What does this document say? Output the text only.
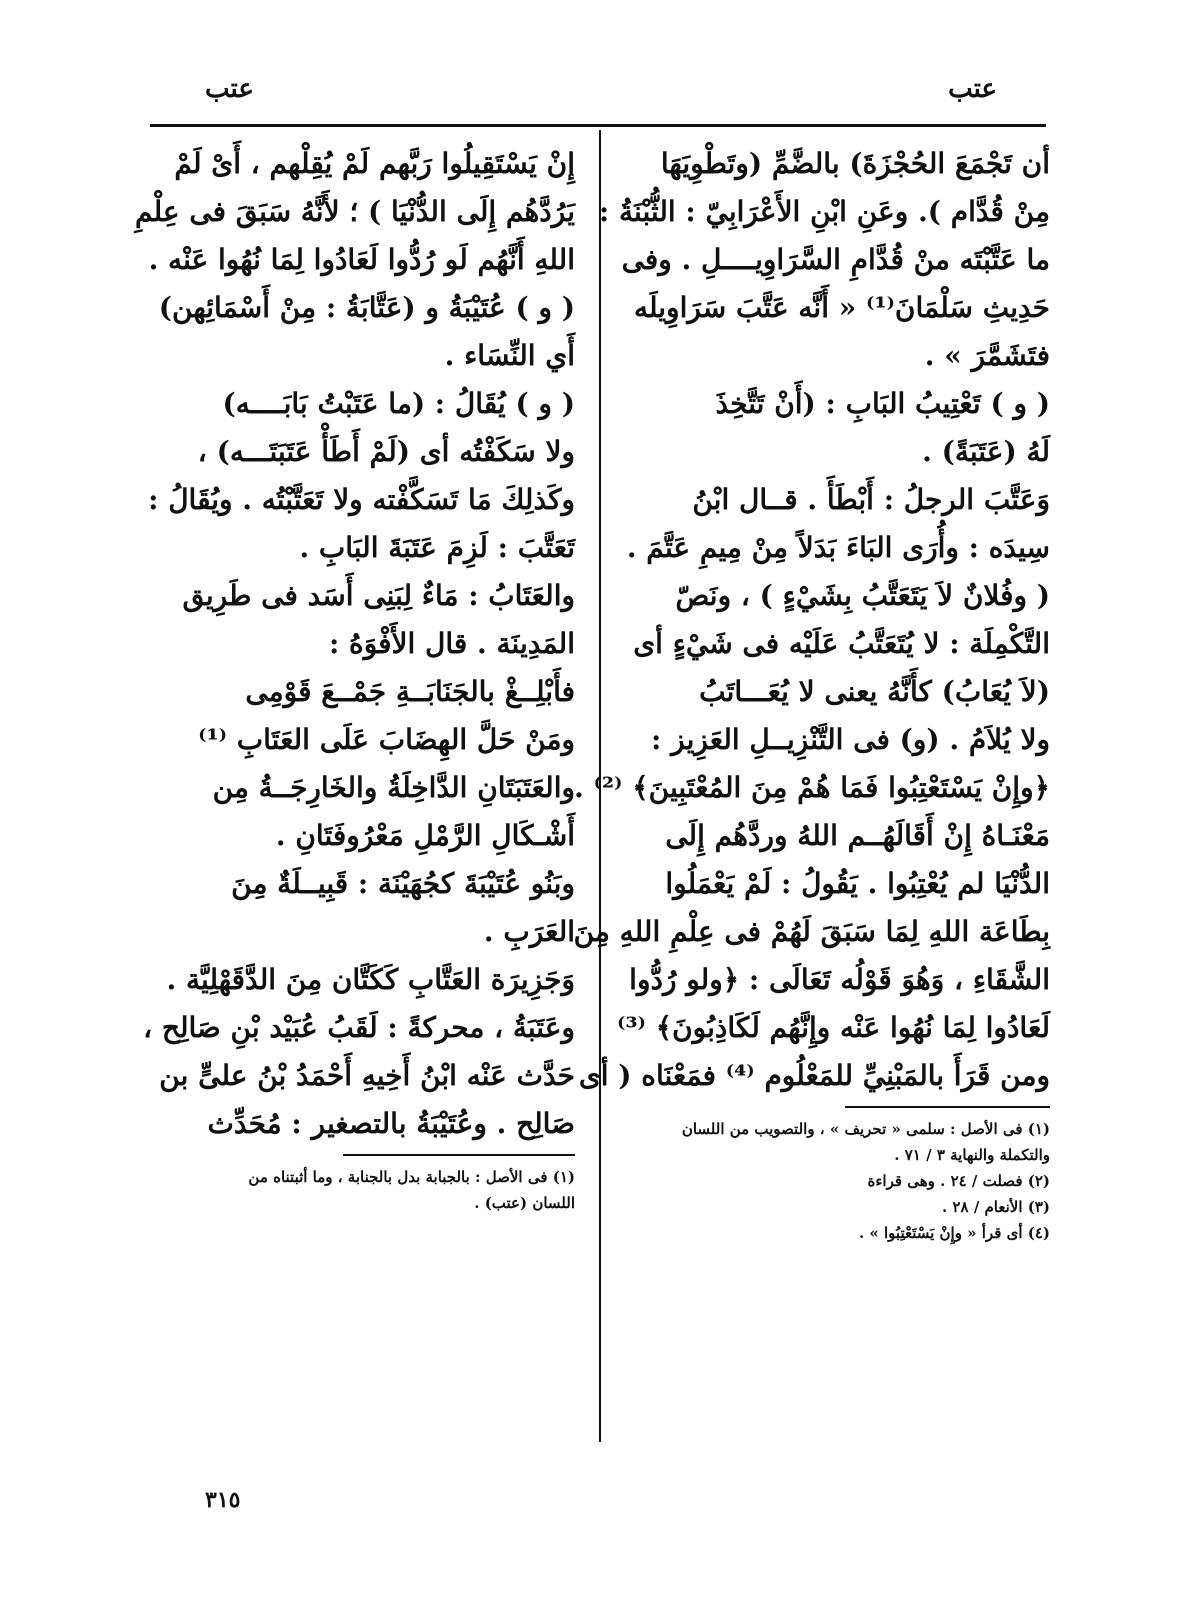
عتب
عتب
أن تَجْمَعَ الحُجْزَةَ) بالضَّمِّ (وتَطْوِيَهَا
مِنْ قُدَّام ). وعَنِ ابْنِ الأَعْرَابِيّ : الثُّبْنَةُ :
ما عَتَّبْتَه منْ قُدَّامِ السَّرَاوِيــــلِ . وفى
حَدِيثِ سَلْمَانَ⁽¹⁾ « أَنَّه عَتَّبَ سَرَاوِيلَه
فتَشَمَّرَ » .
( و ) تَعْتِيبُ البَابِ : (أَنْ تَتَّخِذَ
لَهُ (عَتَبَةً) .
وَعَتَّبَ الرجلُ : أَبْطَأَ . قــال ابْنُ
سِيدَه : وأُرَى البَاءَ بَدَلاً مِنْ مِيمِ عَتَّمَ .
( وفُلانٌ لاَ يَتَعَتَّبُ بِشَيْءٍ ) ، ونَصّ
التَّكْمِلَة : لا يُتَعَتَّبُ عَلَيْه فى شَيْءٍ أى
(لاَ يُعَابُ) كأَنَّهُ يعنى لا يُعَـــاتَبُ
ولا يُلاَمُ . (و) فى التَّنْزِيــلِ العَزِيز :
﴿وإِنْ يَسْتَعْتِبُوا فَمَا هُمْ مِنَ المُعْتَبِينَ﴾ ⁽²⁾ .
مَعْنَـاهُ إِنْ أَقَالَهُــم اللهُ وردَّهُم إِلَى
الدُّنْيَا لم يُعْتِبُوا . يَقُولُ : لَمْ يَعْمَلُوا
بِطَاعَة اللهِ لِمَا سَبَقَ لَهُمْ فى عِلْمِ اللهِ مِنَ
الشَّقَاءِ ، وَهُوَ قَوْلُه تَعَالَى : ﴿ولو رُدُّوا
لَعَادُوا لِمَا نُهُوا عَنْه وإِنَّهُم لَكَاذِبُونَ﴾ ⁽³⁾
ومن قَرَأَ بالمَبْنِيِّ للمَعْلُوم ⁽⁴⁾ فمَعْنَاه ( أى
(١) فى الأصل : سلمى « تحريف » ، والتصويب من اللسان
والتكملة والنهاية ٣ / ٧١ .
(٢) فصلت / ٢٤ . وهى قراءة
(٣) الأنعام / ٢٨ .
(٤) أى قرأ « وإِنْ يَسْتَعْتِبُوا » .
إِنْ يَسْتَقِيلُوا رَبَّهم لَمْ يُقِلْهم ، أَىْ لَمْ
يَرُدَّهُم إِلَى الدُّنْيَا ) ؛ لأَنَّهُ سَبَقَ فى عِلْمِ
اللهِ أَنَّهُم لَو رُدُّوا لَعَادُوا لِمَا نُهُوا عَنْه .
( و ) عُتَيْبَةُ و (عَتَّابَةُ : مِنْ أَسْمَائِهن)
أَي النِّسَاء .
( و ) يُقَالُ : (ما عَتَبْتُ بَابَــــه)
ولا سَكَفْتُه أى (لَمْ أَطَأْ عَتَبَتَـــه) ،
وكَذلِكَ مَا تَسَكَّفْته ولا تَعَتَّبْتُه . ويُقَالُ :
تَعَتَّبَ : لَزِمَ عَتَبَةَ البَابِ .
والعَتَابُ : مَاءٌ لِبَنِى أَسَد فى طَرِيق
المَدِينَة . قال الأَفْوَهُ :
فأَبْلِــغْ بالجَنَابَــةِ جَمْــعَ قَوْمِى
ومَنْ حَلَّ الهِضَابَ عَلَى العَتَابِ ⁽¹⁾
والعَتَبَتَانِ الدَّاخِلَةُ والخَارِجَــةُ مِن
أَشْـكَالِ الرَّمْلِ مَعْرُوفَتَانِ .
وبَنُو عُتَيْبَةَ كجُهَيْنَة : قَبِيــلَةٌ مِنَ
العَرَبِ .
وَجَزِيرَة العَتَّابِ كَكَتَّان مِنَ الدَّقَهْلِيَّة .
وعَتَبَةُ ، محركةً : لَقَبُ عُبَيْد بْنِ صَالِح ،
حَدَّث عَنْه ابْنُ أَخِيهِ أَحْمَدُ بْنُ علىٍّ بن
صَالِح . وعُتَيْبَةُ بالتصغير : مُحَدِّث
(١) فى الأصل : بالجبابة بدل بالجنابة ، وما أثبتناه من
اللسان (عتب) .
٣١٥
